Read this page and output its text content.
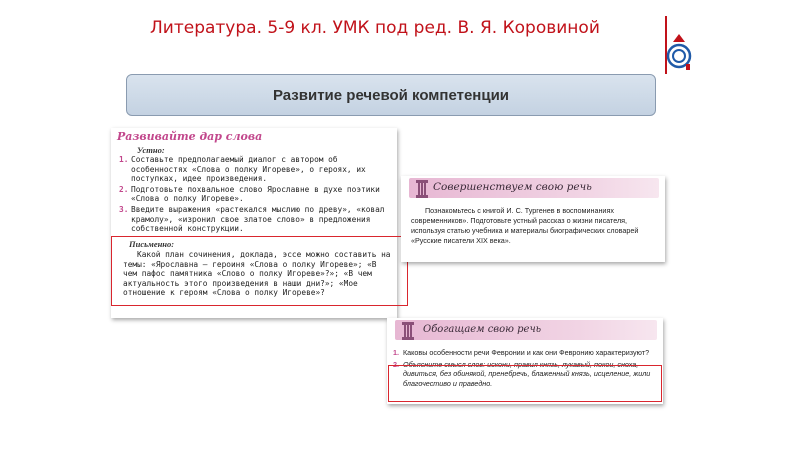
Литература. 5-9 кл. УМК под ред. В. Я. Коровиной
Развитие речевой компетенции
Развивайте дар слова
Устно:
1. Составьте предполагаемый диалог с автором об особенностях «Слова о полку Игореве», о героях, их поступках, идее произведения.
2. Подготовьте похвальное слово Ярославне в духе поэтики «Слова о полку Игореве».
3. Введите выражения «растекался мыслию по древу», «ковал крамолу», «изронил свое златое слово» в предложения собственной конструкции.
Письменно:
Какой план сочинения, доклада, эссе можно составить на темы: «Ярославна — героиня «Слова о полку Игореве»; «В чем пафос памятника «Слово о полку Игореве»?»; «В чем актуальность этого произведения в наши дни?»; «Мое отношение к героям «Слова о полку Игореве»?
Совершенствуем свою речь
Познакомьтесь с книгой И. С. Тургенев в воспоминаниях современников». Подготовьте устный рассказ о жизни писателя, используя статью учебника и материалы биографических словарей «Русские писатели XIX века».
Обогащаем свою речь
1. Каковы особенности речи Февронии и как они Февронию характеризуют?
2. Объясните смысл слов: искони, правил князь, лукавый, покои, сноха, дивиться, без обинякой, пренебречь, блаженный князь, исцеление, жили благочестиво и праведно.
